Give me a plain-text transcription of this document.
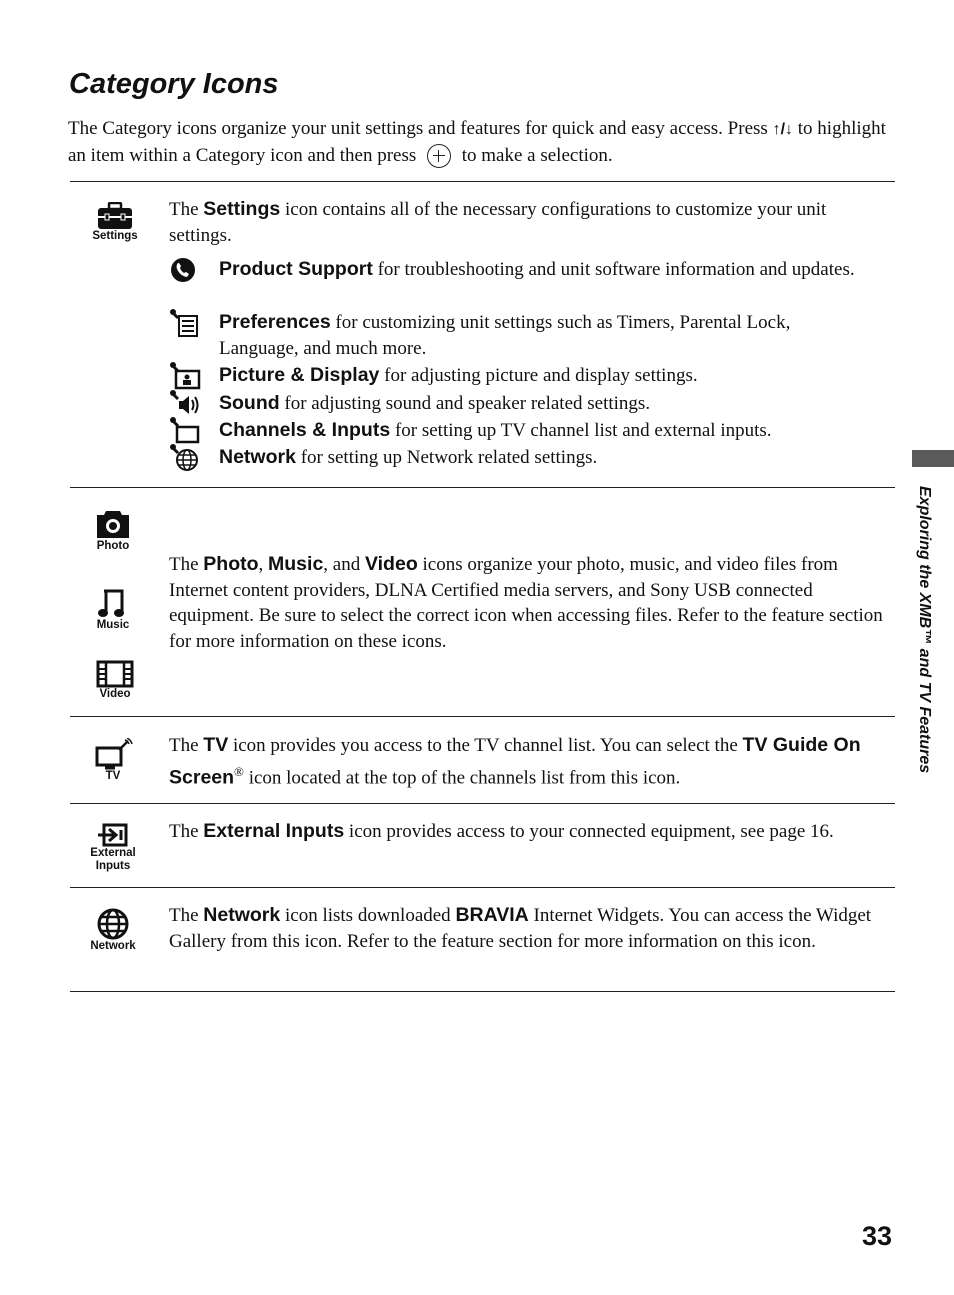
Category Icons

The Category icons organize your unit settings and features for quick and easy access. Press ↑/↓ to highlight an item within a Category icon and then press  to make a selection.

Settings

The Settings icon contains all of the necessary configurations to customize your unit settings.

Product Support for troubleshooting and unit software information and updates.
Preferences for customizing unit settings such as Timers, Parental Lock, Language, and much more.
Picture & Display for adjusting picture and display settings.
Sound for adjusting sound and speaker related settings.
Channels & Inputs for setting up TV channel list and external inputs.
Network for setting up Network related settings.
Photo
Music
Video

The Photo, Music, and Video icons organize your photo, music, and video files from Internet content providers, DLNA Certified media servers, and Sony USB connected equipment. Be sure to select the correct icon when accessing files. Refer to the feature section for more information on these icons.

TV

The TV icon provides you access to the TV channel list. You can select the TV Guide On Screen® icon located at the top of the channels list from this icon.

External
Inputs

The External Inputs icon provides access to your connected equipment, see page 16.

Network

The Network icon lists downloaded BRAVIA Internet Widgets. You can access the Widget Gallery from this icon. Refer to the feature section for more information on this icon.

Exploring the XMB™ and TV Features
33
